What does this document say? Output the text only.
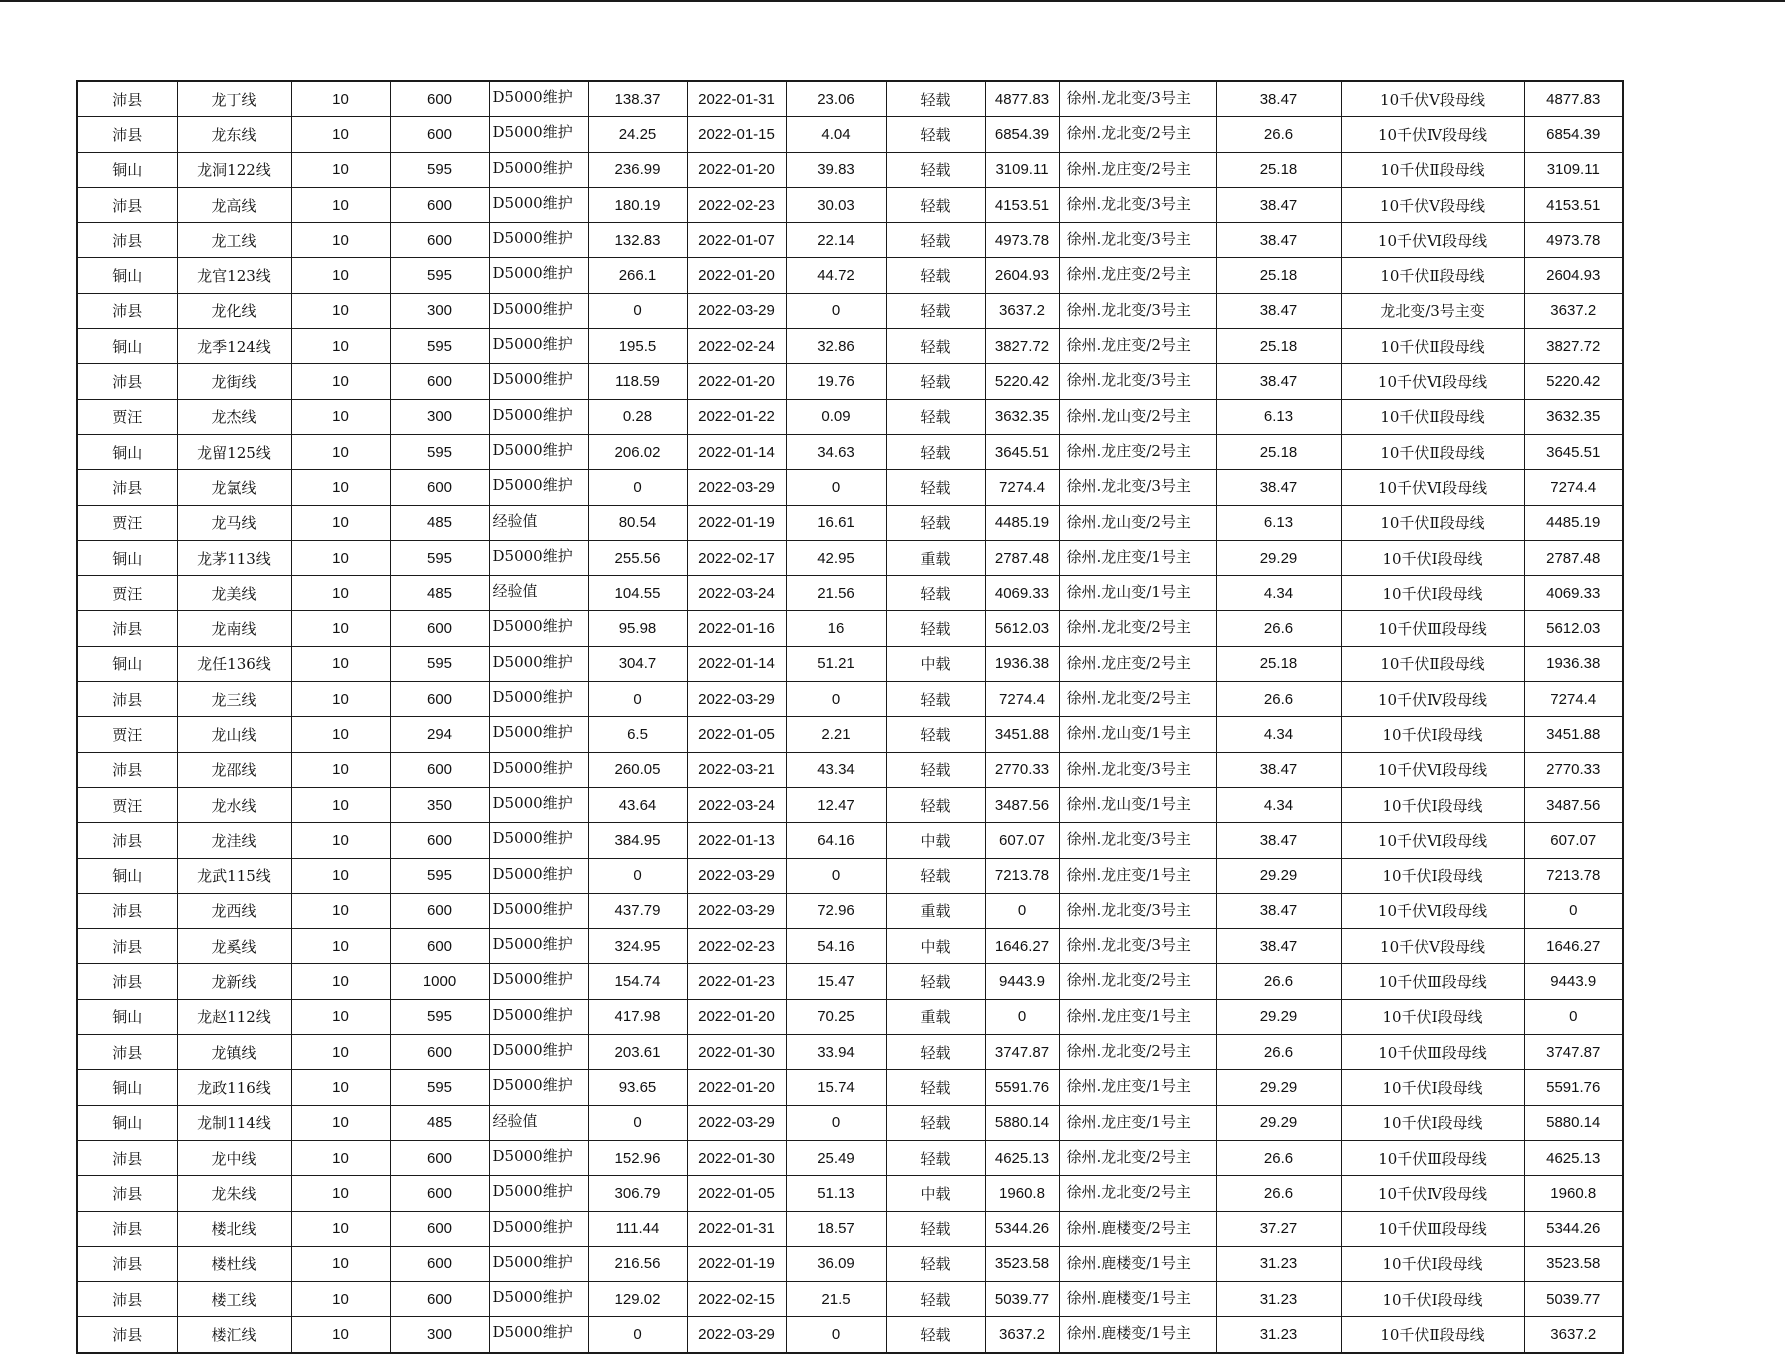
沛县	龙丁线	10	600	D5000维护	138.37	2022-01-31	23.06	轻载	4877.83	徐州.龙北变/3号主	38.47	10千伏Ⅴ段母线	4877.83
沛县	龙东线	10	600	D5000维护	24.25	2022-01-15	4.04	轻载	6854.39	徐州.龙北变/2号主	26.6	10千伏Ⅳ段母线	6854.39
铜山	龙洞122线	10	595	D5000维护	236.99	2022-01-20	39.83	轻载	3109.11	徐州.龙庄变/2号主	25.18	10千伏Ⅱ段母线	3109.11
沛县	龙高线	10	600	D5000维护	180.19	2022-02-23	30.03	轻载	4153.51	徐州.龙北变/3号主	38.47	10千伏Ⅴ段母线	4153.51
沛县	龙工线	10	600	D5000维护	132.83	2022-01-07	22.14	轻载	4973.78	徐州.龙北变/3号主	38.47	10千伏Ⅵ段母线	4973.78
铜山	龙官123线	10	595	D5000维护	266.1	2022-01-20	44.72	轻载	2604.93	徐州.龙庄变/2号主	25.18	10千伏Ⅱ段母线	2604.93
沛县	龙化线	10	300	D5000维护	0	2022-03-29	0	轻载	3637.2	徐州.龙北变/3号主	38.47	龙北变/3号主变	3637.2
铜山	龙季124线	10	595	D5000维护	195.5	2022-02-24	32.86	轻载	3827.72	徐州.龙庄变/2号主	25.18	10千伏Ⅱ段母线	3827.72
沛县	龙街线	10	600	D5000维护	118.59	2022-01-20	19.76	轻载	5220.42	徐州.龙北变/3号主	38.47	10千伏Ⅵ段母线	5220.42
贾汪	龙杰线	10	300	D5000维护	0.28	2022-01-22	0.09	轻载	3632.35	徐州.龙山变/2号主	6.13	10千伏Ⅱ段母线	3632.35
铜山	龙留125线	10	595	D5000维护	206.02	2022-01-14	34.63	轻载	3645.51	徐州.龙庄变/2号主	25.18	10千伏Ⅱ段母线	3645.51
沛县	龙氯线	10	600	D5000维护	0	2022-03-29	0	轻载	7274.4	徐州.龙北变/3号主	38.47	10千伏Ⅵ段母线	7274.4
贾汪	龙马线	10	485	经验值	80.54	2022-01-19	16.61	轻载	4485.19	徐州.龙山变/2号主	6.13	10千伏Ⅱ段母线	4485.19
铜山	龙茅113线	10	595	D5000维护	255.56	2022-02-17	42.95	重载	2787.48	徐州.龙庄变/1号主	29.29	10千伏Ⅰ段母线	2787.48
贾汪	龙美线	10	485	经验值	104.55	2022-03-24	21.56	轻载	4069.33	徐州.龙山变/1号主	4.34	10千伏Ⅰ段母线	4069.33
沛县	龙南线	10	600	D5000维护	95.98	2022-01-16	16	轻载	5612.03	徐州.龙北变/2号主	26.6	10千伏Ⅲ段母线	5612.03
铜山	龙任136线	10	595	D5000维护	304.7	2022-01-14	51.21	中载	1936.38	徐州.龙庄变/2号主	25.18	10千伏Ⅱ段母线	1936.38
沛县	龙三线	10	600	D5000维护	0	2022-03-29	0	轻载	7274.4	徐州.龙北变/2号主	26.6	10千伏Ⅳ段母线	7274.4
贾汪	龙山线	10	294	D5000维护	6.5	2022-01-05	2.21	轻载	3451.88	徐州.龙山变/1号主	4.34	10千伏Ⅰ段母线	3451.88
沛县	龙邵线	10	600	D5000维护	260.05	2022-03-21	43.34	轻载	2770.33	徐州.龙北变/3号主	38.47	10千伏Ⅵ段母线	2770.33
贾汪	龙水线	10	350	D5000维护	43.64	2022-03-24	12.47	轻载	3487.56	徐州.龙山变/1号主	4.34	10千伏Ⅰ段母线	3487.56
沛县	龙洼线	10	600	D5000维护	384.95	2022-01-13	64.16	中载	607.07	徐州.龙北变/3号主	38.47	10千伏Ⅵ段母线	607.07
铜山	龙武115线	10	595	D5000维护	0	2022-03-29	0	轻载	7213.78	徐州.龙庄变/1号主	29.29	10千伏Ⅰ段母线	7213.78
沛县	龙西线	10	600	D5000维护	437.79	2022-03-29	72.96	重载	0	徐州.龙北变/3号主	38.47	10千伏Ⅵ段母线	0
沛县	龙奚线	10	600	D5000维护	324.95	2022-02-23	54.16	中载	1646.27	徐州.龙北变/3号主	38.47	10千伏Ⅴ段母线	1646.27
沛县	龙新线	10	1000	D5000维护	154.74	2022-01-23	15.47	轻载	9443.9	徐州.龙北变/2号主	26.6	10千伏Ⅲ段母线	9443.9
铜山	龙赵112线	10	595	D5000维护	417.98	2022-01-20	70.25	重载	0	徐州.龙庄变/1号主	29.29	10千伏Ⅰ段母线	0
沛县	龙镇线	10	600	D5000维护	203.61	2022-01-30	33.94	轻载	3747.87	徐州.龙北变/2号主	26.6	10千伏Ⅲ段母线	3747.87
铜山	龙政116线	10	595	D5000维护	93.65	2022-01-20	15.74	轻载	5591.76	徐州.龙庄变/1号主	29.29	10千伏Ⅰ段母线	5591.76
铜山	龙制114线	10	485	经验值	0	2022-03-29	0	轻载	5880.14	徐州.龙庄变/1号主	29.29	10千伏Ⅰ段母线	5880.14
沛县	龙中线	10	600	D5000维护	152.96	2022-01-30	25.49	轻载	4625.13	徐州.龙北变/2号主	26.6	10千伏Ⅲ段母线	4625.13
沛县	龙朱线	10	600	D5000维护	306.79	2022-01-05	51.13	中载	1960.8	徐州.龙北变/2号主	26.6	10千伏Ⅳ段母线	1960.8
沛县	楼北线	10	600	D5000维护	111.44	2022-01-31	18.57	轻载	5344.26	徐州.鹿楼变/2号主	37.27	10千伏Ⅲ段母线	5344.26
沛县	楼杜线	10	600	D5000维护	216.56	2022-01-19	36.09	轻载	3523.58	徐州.鹿楼变/1号主	31.23	10千伏Ⅰ段母线	3523.58
沛县	楼工线	10	600	D5000维护	129.02	2022-02-15	21.5	轻载	5039.77	徐州.鹿楼变/1号主	31.23	10千伏Ⅰ段母线	5039.77
沛县	楼汇线	10	300	D5000维护	0	2022-03-29	0	轻载	3637.2	徐州.鹿楼变/1号主	31.23	10千伏Ⅱ段母线	3637.2
